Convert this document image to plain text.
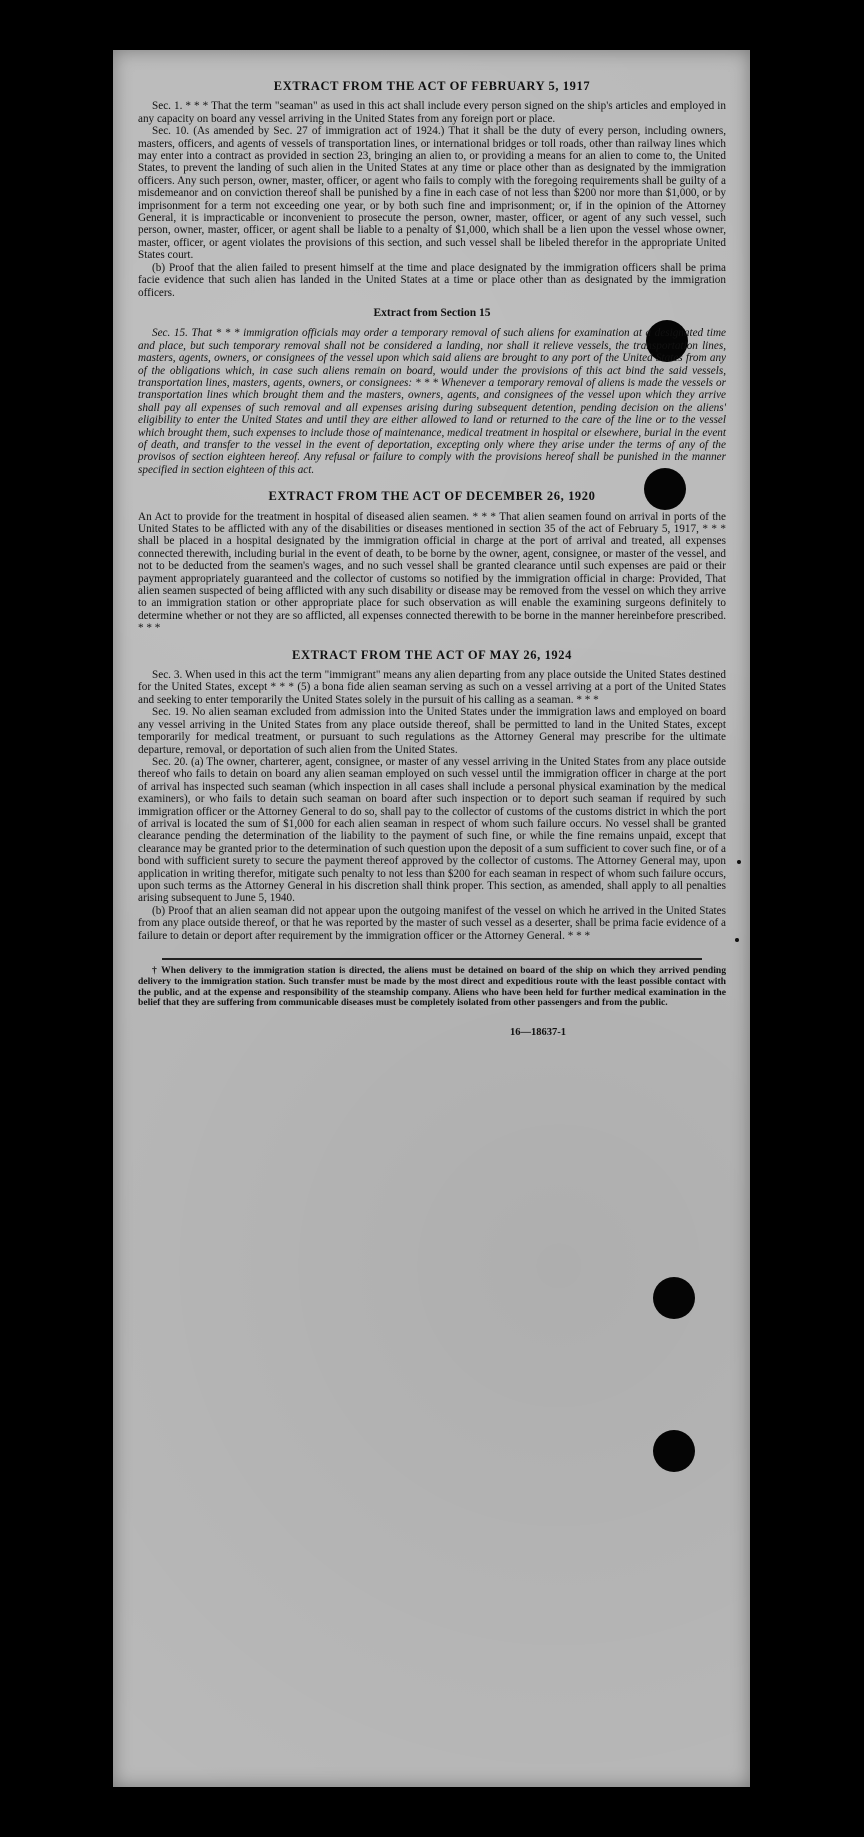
EXTRACT FROM THE ACT OF FEBRUARY 5, 1917

Sec. 1. * * * That the term "seaman" as used in this act shall include every person signed on the ship's articles and employed in any capacity on board any vessel arriving in the United States from any foreign port or place.

Sec. 10. (As amended by Sec. 27 of immigration act of 1924.) That it shall be the duty of every person, including owners, masters, officers, and agents of vessels of transportation lines, or international bridges or toll roads, other than railway lines which may enter into a contract as provided in section 23, bringing an alien to, or providing a means for an alien to come to, the United States, to prevent the landing of such alien in the United States at any time or place other than as designated by the immigration officers. Any such person, owner, master, officer, or agent who fails to comply with the foregoing requirements shall be guilty of a misdemeanor and on conviction thereof shall be punished by a fine in each case of not less than $200 nor more than $1,000, or by imprisonment for a term not exceeding one year, or by both such fine and imprisonment; or, if in the opinion of the Attorney General, it is impracticable or inconvenient to prosecute the person, owner, master, officer, or agent of any such vessel, such person, owner, master, officer, or agent shall be liable to a penalty of $1,000, which shall be a lien upon the vessel whose owner, master, officer, or agent violates the provisions of this section, and such vessel shall be libeled therefor in the appropriate United States court.

(b) Proof that the alien failed to present himself at the time and place designated by the immigration officers shall be prima facie evidence that such alien has landed in the United States at a time or place other than as designated by the immigration officers.

Extract from Section 15

Sec. 15. That * * * immigration officials may order a temporary removal of such aliens for examination at a designated time and place, but such temporary removal shall not be considered a landing, nor shall it relieve vessels, the transportation lines, masters, agents, owners, or consignees of the vessel upon which said aliens are brought to any port of the United States from any of the obligations which, in case such aliens remain on board, would under the provisions of this act bind the said vessels, transportation lines, masters, agents, owners, or consignees: * * * Whenever a temporary removal of aliens is made the vessels or transportation lines which brought them and the masters, owners, agents, and consignees of the vessel upon which they arrive shall pay all expenses of such removal and all expenses arising during subsequent detention, pending decision on the aliens' eligibility to enter the United States and until they are either allowed to land or returned to the care of the line or to the vessel which brought them, such expenses to include those of maintenance, medical treatment in hospital or elsewhere, burial in the event of death, and transfer to the vessel in the event of deportation, excepting only where they arise under the terms of any of the provisos of section eighteen hereof. Any refusal or failure to comply with the provisions hereof shall be punished in the manner specified in section eighteen of this act.

EXTRACT FROM THE ACT OF DECEMBER 26, 1920

An Act to provide for the treatment in hospital of diseased alien seamen. * * * That alien seamen found on arrival in ports of the United States to be afflicted with any of the disabilities or diseases mentioned in section 35 of the act of February 5, 1917, * * * shall be placed in a hospital designated by the immigration official in charge at the port of arrival and treated, all expenses connected therewith, including burial in the event of death, to be borne by the owner, agent, consignee, or master of the vessel, and not to be deducted from the seamen's wages, and no such vessel shall be granted clearance until such expenses are paid or their payment appropriately guaranteed and the collector of customs so notified by the immigration official in charge: Provided, That alien seamen suspected of being afflicted with any such disability or disease may be removed from the vessel on which they arrive to an immigration station or other appropriate place for such observation as will enable the examining surgeons definitely to determine whether or not they are so afflicted, all expenses connected therewith to be borne in the manner hereinbefore prescribed. * * *

EXTRACT FROM THE ACT OF MAY 26, 1924

Sec. 3. When used in this act the term "immigrant" means any alien departing from any place outside the United States destined for the United States, except * * * (5) a bona fide alien seaman serving as such on a vessel arriving at a port of the United States and seeking to enter temporarily the United States solely in the pursuit of his calling as a seaman. * * *

Sec. 19. No alien seaman excluded from admission into the United States under the immigration laws and employed on board any vessel arriving in the United States from any place outside thereof, shall be permitted to land in the United States, except temporarily for medical treatment, or pursuant to such regulations as the Attorney General may prescribe for the ultimate departure, removal, or deportation of such alien from the United States.

Sec. 20. (a) The owner, charterer, agent, consignee, or master of any vessel arriving in the United States from any place outside thereof who fails to detain on board any alien seaman employed on such vessel until the immigration officer in charge at the port of arrival has inspected such seaman (which inspection in all cases shall include a personal physical examination by the medical examiners), or who fails to detain such seaman on board after such inspection or to deport such seaman if required by such immigration officer or the Attorney General to do so, shall pay to the collector of customs of the customs district in which the port of arrival is located the sum of $1,000 for each alien seaman in respect of whom such failure occurs. No vessel shall be granted clearance pending the determination of the liability to the payment of such fine, or while the fine remains unpaid, except that clearance may be granted prior to the determination of such question upon the deposit of a sum sufficient to cover such fine, or of a bond with sufficient surety to secure the payment thereof approved by the collector of customs. The Attorney General may, upon application in writing therefor, mitigate such penalty to not less than $200 for each seaman in respect of whom such failure occurs, upon such terms as the Attorney General in his discretion shall think proper. This section, as amended, shall apply to all penalties arising subsequent to June 5, 1940.

(b) Proof that an alien seaman did not appear upon the outgoing manifest of the vessel on which he arrived in the United States from any place outside thereof, or that he was reported by the master of such vessel as a deserter, shall be prima facie evidence of a failure to detain or deport after requirement by the immigration officer or the Attorney General. * * *

† When delivery to the immigration station is directed, the aliens must be detained on board of the ship on which they arrived pending delivery to the immigration station. Such transfer must be made by the most direct and expeditious route with the least possible contact with the public, and at the expense and responsibility of the steamship company. Aliens who have been held for further medical examination in the belief that they are suffering from communicable diseases must be completely isolated from other passengers and from the public.

16—18637-1
